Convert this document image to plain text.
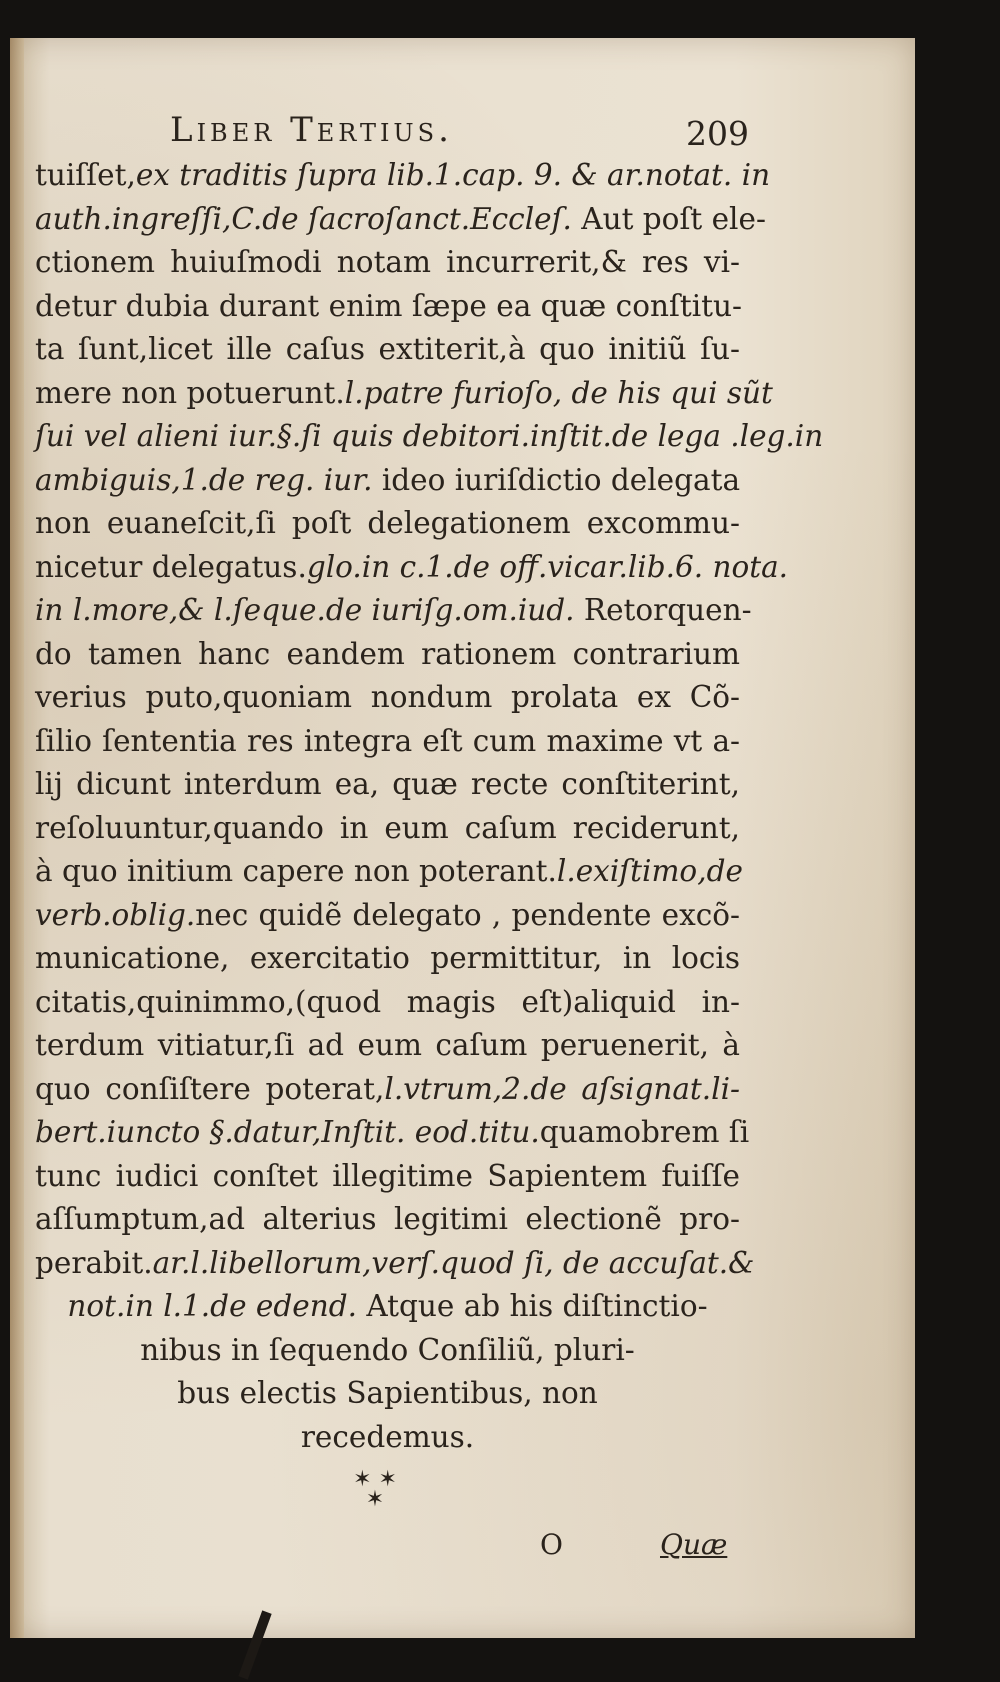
Liber Tertius.	209
tuiſſet,ex traditis ſupra lib.1.cap. 9. & ar.notat. in
auth.ingreſſi,C.de ſacroſanct.Eccleſ. Aut poſt ele-
ctionem huiuſmodi notam incurrerit,& res vi-
detur dubia durant enim ſæpe ea quæ conſtitu-
ta ſunt,licet ille caſus extiterit,à quo initiũ ſu-
mere non potuerunt.l.patre furioſo, de his qui sũt
ſui vel alieni iur.§.ſi quis debitori.inſtit.de lega .leg.in
ambiguis,1.de reg. iur. ideo iuriſdictio delegata
non euaneſcit,ſi poſt delegationem excommu-
nicetur delegatus.glo.in c.1.de off.vicar.lib.6. nota.
in l.more,& l.ſeque.de iuriſg.om.iud. Retorquen-
do tamen hanc eandem rationem contrarium
verius puto,quoniam nondum prolata ex Cõ-
ſilio ſententia res integra eſt cum maxime vt a-
lij dicunt interdum ea, quæ recte conſtiterint,
reſoluuntur,quando in eum caſum reciderunt,
à quo initium capere non poterant.l.exiſtimo,de
verb.oblig.nec quidẽ delegato , pendente excõ-
municatione, exercitatio permittitur, in locis
citatis,quinimmo,(quod magis eſt)aliquid in-
terdum vitiatur,ſi ad eum caſum peruenerit, à
quo conſiſtere poterat,l.vtrum,2.de aſsignat.li-
bert.iuncto §.datur,Inſtit. eod.titu.quamobrem ſi
tunc iudici conſtet illegitime Sapientem fuiſſe
aſſumptum,ad alterius legitimi electionẽ pro-
perabit.ar.l.libellorum,verſ.quod ſi, de accuſat.&
not.in l.1.de edend. Atque ab his diſtinctio-
nibus in ſequendo Conſiliũ, pluri-
bus electis Sapientibus, non
recedemus.
✶ ✶
✶
O	Quæ
